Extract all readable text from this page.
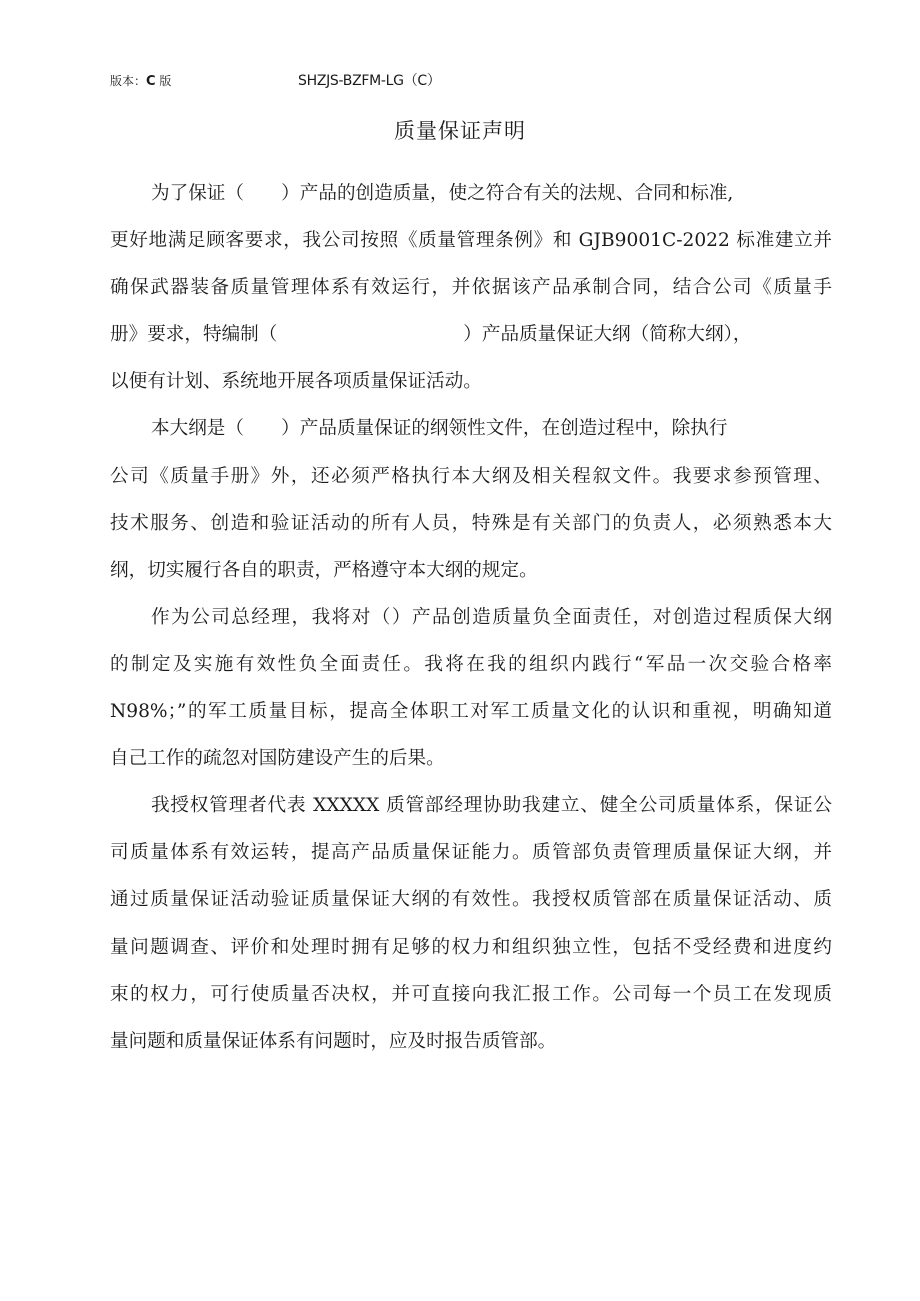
版本：C 版	SHZJS-BZFM-LG（C）
质量保证声明
为了保证（　　）产品的创造质量，使之符合有关的法规、合同和标准,
更好地满足顾客要求，我公司按照《质量管理条例》和 GJB9001C-2022 标准建立并
确保武器装备质量管理体系有效运行，并依据该产品承制合同，结合公司《质量手
册》要求，特编制（　　　　　　　　　　）产品质量保证大纲（简称大纲），
以便有计划、系统地开展各项质量保证活动。
本大纲是（　　）产品质量保证的纲领性文件，在创造过程中，除执行
公司《质量手册》外，还必须严格执行本大纲及相关程叙文件。我要求参预管理、
技术服务、创造和验证活动的所有人员，特殊是有关部门的负责人，必须熟悉本大
纲，切实履行各自的职责，严格遵守本大纲的规定。
作为公司总经理，我将对（）产品创造质量负全面责任，对创造过程质保大纲
的制定及实施有效性负全面责任。我将在我的组织内践行“军品一次交验合格率
N98%；”的军工质量目标，提高全体职工对军工质量文化的认识和重视，明确知道
自己工作的疏忽对国防建设产生的后果。
我授权管理者代表 XXXXX 质管部经理协助我建立、健全公司质量体系，保证公
司质量体系有效运转，提高产品质量保证能力。质管部负责管理质量保证大纲，并
通过质量保证活动验证质量保证大纲的有效性。我授权质管部在质量保证活动、质
量问题调查、评价和处理时拥有足够的权力和组织独立性，包括不受经费和进度约
束的权力，可行使质量否决权，并可直接向我汇报工作。公司每一个员工在发现质
量问题和质量保证体系有问题时，应及时报告质管部。
